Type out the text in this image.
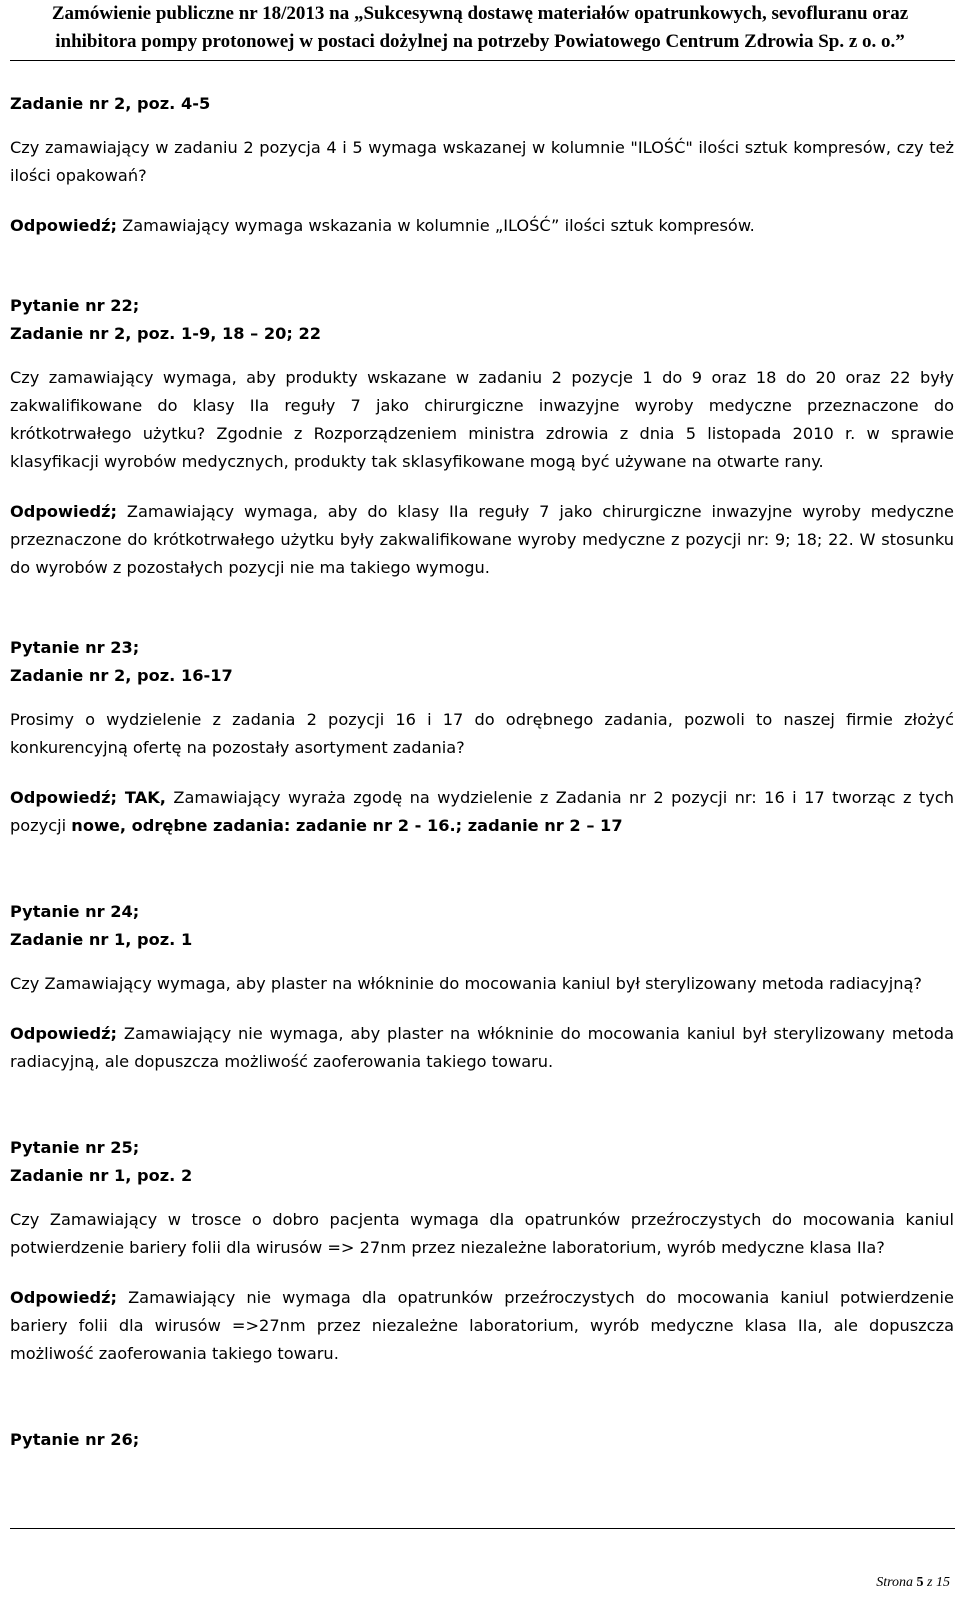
Zamówienie publiczne nr 18/2013 na „Sukcesywną dostawę materiałów opatrunkowych, sevofluranu oraz
inhibitora pompy protonowej w postaci dożylnej na potrzeby Powiatowego Centrum Zdrowia Sp. z o. o.”

Zadanie nr 2, poz. 4-5

Czy zamawiający w zadaniu 2 pozycja 4 i 5 wymaga wskazanej w kolumnie "ILOŚĆ" ilości sztuk kompresów, czy też ilości opakowań?

Odpowiedź; Zamawiający wymaga wskazania w kolumnie „ILOŚĆ” ilości sztuk kompresów.

Pytanie nr 22;

Zadanie nr 2, poz. 1-9, 18 – 20; 22

Czy zamawiający wymaga, aby produkty wskazane w zadaniu 2 pozycje 1 do 9 oraz 18 do 20 oraz 22 były zakwalifikowane do klasy IIa reguły 7 jako chirurgiczne inwazyjne wyroby medyczne przeznaczone do krótkotrwałego użytku? Zgodnie z Rozporządzeniem ministra zdrowia z dnia 5 listopada 2010 r. w sprawie klasyfikacji wyrobów medycznych, produkty tak sklasyfikowane mogą być używane na otwarte rany.

Odpowiedź; Zamawiający wymaga, aby do klasy IIa reguły 7 jako chirurgiczne inwazyjne wyroby medyczne przeznaczone do krótkotrwałego użytku były zakwalifikowane wyroby medyczne z pozycji nr: 9; 18; 22. W stosunku do wyrobów z pozostałych pozycji nie ma takiego wymogu.

Pytanie nr 23;

Zadanie nr 2, poz. 16-17

Prosimy o wydzielenie z zadania 2 pozycji 16 i 17 do odrębnego zadania, pozwoli to naszej firmie złożyć konkurencyjną ofertę na pozostały asortyment zadania?

Odpowiedź; TAK, Zamawiający wyraża zgodę na wydzielenie z Zadania nr 2 pozycji nr: 16 i 17 tworząc z tych pozycji nowe, odrębne zadania: zadanie nr 2 - 16.; zadanie nr 2 – 17

Pytanie nr 24;

Zadanie nr 1, poz. 1

Czy Zamawiający wymaga, aby plaster na włókninie do mocowania kaniul był sterylizowany metoda radiacyjną?

Odpowiedź; Zamawiający nie wymaga, aby plaster na włókninie do mocowania kaniul był sterylizowany metoda radiacyjną, ale dopuszcza możliwość zaoferowania takiego towaru.

Pytanie nr 25;

Zadanie nr 1, poz. 2

Czy Zamawiający w trosce o dobro pacjenta wymaga dla opatrunków przeźroczystych do mocowania kaniul potwierdzenie bariery folii dla wirusów => 27nm przez niezależne laboratorium, wyrób medyczne klasa IIa?

Odpowiedź; Zamawiający nie wymaga dla opatrunków przeźroczystych do mocowania kaniul potwierdzenie bariery folii dla wirusów =>27nm przez niezależne laboratorium, wyrób medyczne klasa IIa, ale dopuszcza możliwość zaoferowania takiego towaru.

Pytanie nr 26;

Strona 5 z 15
